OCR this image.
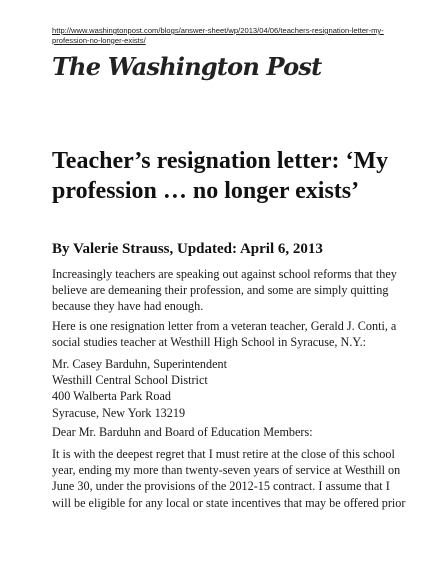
http://www.washingtonpost.com/blogs/answer-sheet/wp/2013/04/06/teachers-resignation-letter-my-
profession-no-longer-exists/
The Washington Post
Teacher’s resignation letter: ‘My profession … no longer exists’

By Valerie Strauss, Updated: April 6, 2013

Increasingly teachers are speaking out against school reforms that they
believe are demeaning their profession, and some are simply quitting
because they have had enough.

Here is one resignation letter from a veteran teacher, Gerald J. Conti, a
social studies teacher at Westhill High School in Syracuse, N.Y.:

Mr. Casey Barduhn, Superintendent
Westhill Central School District
400 Walberta Park Road
Syracuse, New York 13219

Dear Mr. Barduhn and Board of Education Members:

It is with the deepest regret that I must retire at the close of this school
year, ending my more than twenty-seven years of service at Westhill on
June 30, under the provisions of the 2012-15 contract. I assume that I
will be eligible for any local or state incentives that may be offered prior
